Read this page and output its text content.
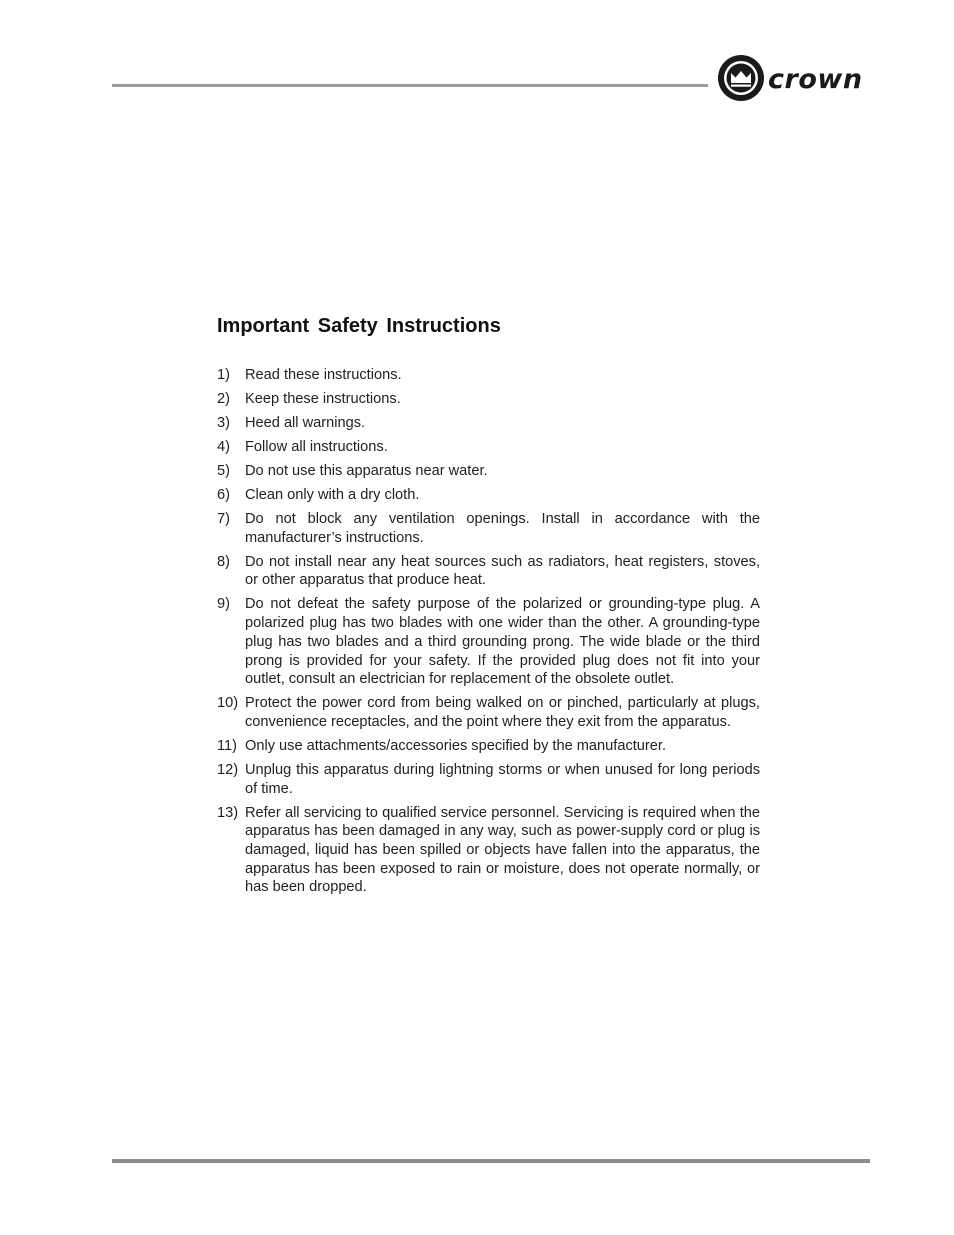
crown
Important Safety Instructions
1)	Read these instructions.
2)	Keep these instructions.
3)	Heed all warnings.
4)	Follow all instructions.
5)	Do not use this apparatus near water.
6)	Clean only with a dry cloth.
7)	Do not block any ventilation openings. Install in accordance with the manufacturer’s instructions.
8)	Do not install near any heat sources such as radiators, heat registers, stoves, or other apparatus that produce heat.
9)	Do not defeat the safety purpose of the polarized or grounding-type plug. A polarized plug has two blades with one wider than the other. A grounding-type plug has two blades and a third grounding prong. The wide blade or the third prong is provided for your safety. If the provided plug does not fit into your outlet, consult an electrician for replacement of the obsolete outlet.
10) Protect the power cord from being walked on or pinched, particularly at plugs, convenience receptacles, and the point where they exit from the apparatus.
11) Only use attachments/accessories specified by the manufacturer.
12) Unplug this apparatus during lightning storms or when unused for long periods of time.
13) Refer all servicing to qualified service personnel. Servicing is required when the apparatus has been damaged in any way, such as power-supply cord or plug is damaged, liquid has been spilled or objects have fallen into the apparatus, the apparatus has been exposed to rain or moisture, does not operate normally, or has been dropped.
